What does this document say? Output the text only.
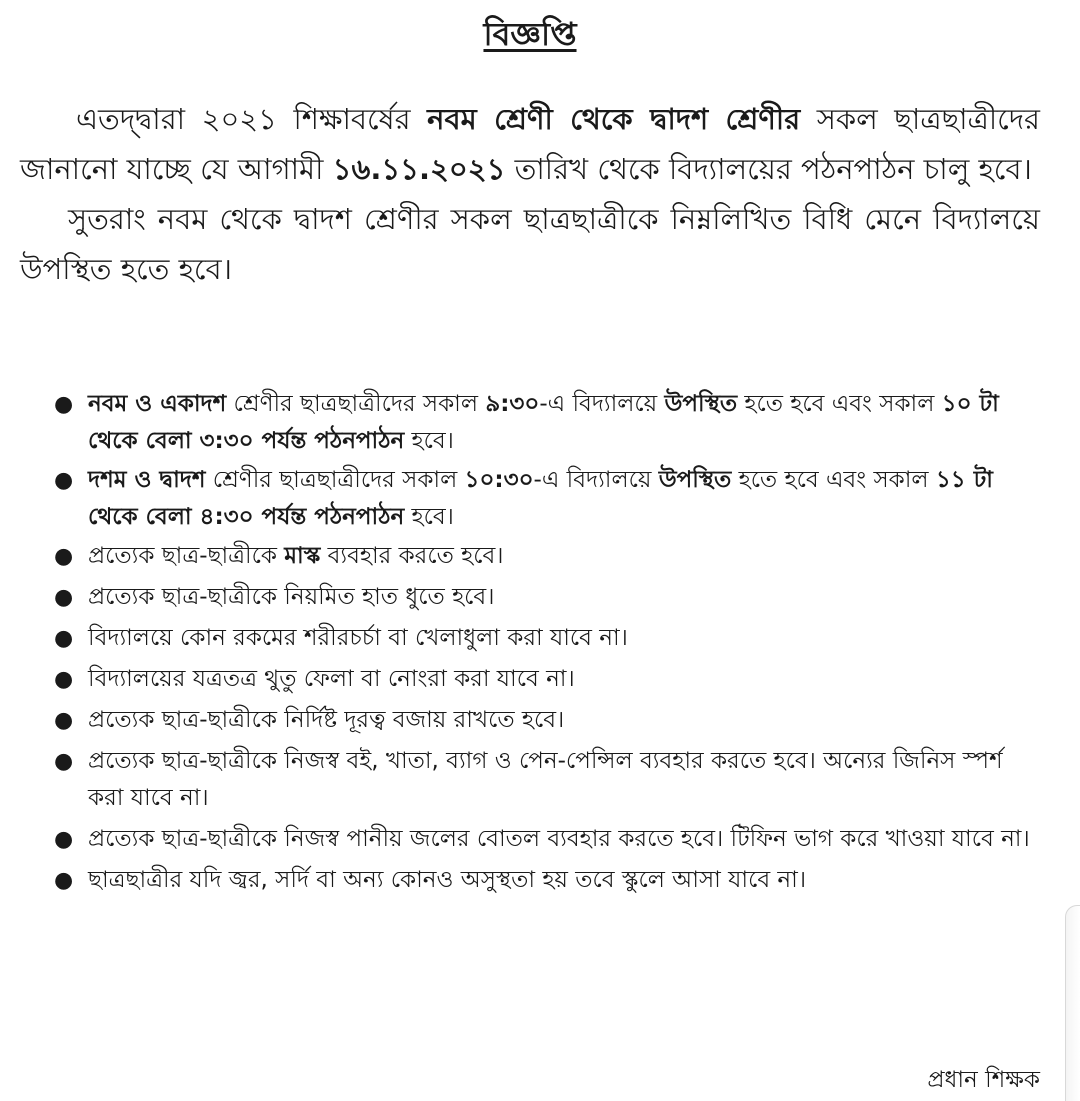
বিজ্ঞপ্তি

এতদ্দ্বারা ২০২১ শিক্ষাবর্ষের নবম শ্রেণী থেকে দ্বাদশ শ্রেণীর সকল ছাত্রছাত্রীদের জানানো যাচ্ছে যে আগামী ১৬.১১.২০২১ তারিখ থেকে বিদ্যালয়ের পঠনপাঠন চালু হবে।

সুতরাং নবম থেকে দ্বাদশ শ্রেণীর সকল ছাত্রছাত্রীকে নিম্নলিখিত বিধি মেনে বিদ্যালয়ে উপস্থিত হতে হবে।

● নবম ও একাদশ শ্রেণীর ছাত্রছাত্রীদের সকাল ৯:৩০-এ বিদ্যালয়ে উপস্থিত হতে হবে এবং সকাল ১০ টা থেকে বেলা ৩:৩০ পর্যন্ত পঠনপাঠন হবে।
● দশম ও দ্বাদশ শ্রেণীর ছাত্রছাত্রীদের সকাল ১০:৩০-এ বিদ্যালয়ে উপস্থিত হতে হবে এবং সকাল ১১ টা থেকে বেলা ৪:৩০ পর্যন্ত পঠনপাঠন হবে।
● প্রত্যেক ছাত্র-ছাত্রীকে মাস্ক ব্যবহার করতে হবে।
● প্রত্যেক ছাত্র-ছাত্রীকে নিয়মিত হাত ধুতে হবে।
● বিদ্যালয়ে কোন রকমের শরীরচর্চা বা খেলাধুলা করা যাবে না।
● বিদ্যালয়ের যত্রতত্র থুতু ফেলা বা নোংরা করা যাবে না।
● প্রত্যেক ছাত্র-ছাত্রীকে নির্দিষ্ট দূরত্ব বজায় রাখতে হবে।
● প্রত্যেক ছাত্র-ছাত্রীকে নিজস্ব বই, খাতা, ব্যাগ ও পেন-পেন্সিল ব্যবহার করতে হবে। অন্যের জিনিস স্পর্শ করা যাবে না।
● প্রত্যেক ছাত্র-ছাত্রীকে নিজস্ব পানীয় জলের বোতল ব্যবহার করতে হবে। টিফিন ভাগ করে খাওয়া যাবে না।
● ছাত্রছাত্রীর যদি জ্বর, সর্দি বা অন্য কোনও অসুস্থতা হয় তবে স্কুলে আসা যাবে না।
প্রধান শিক্ষক
